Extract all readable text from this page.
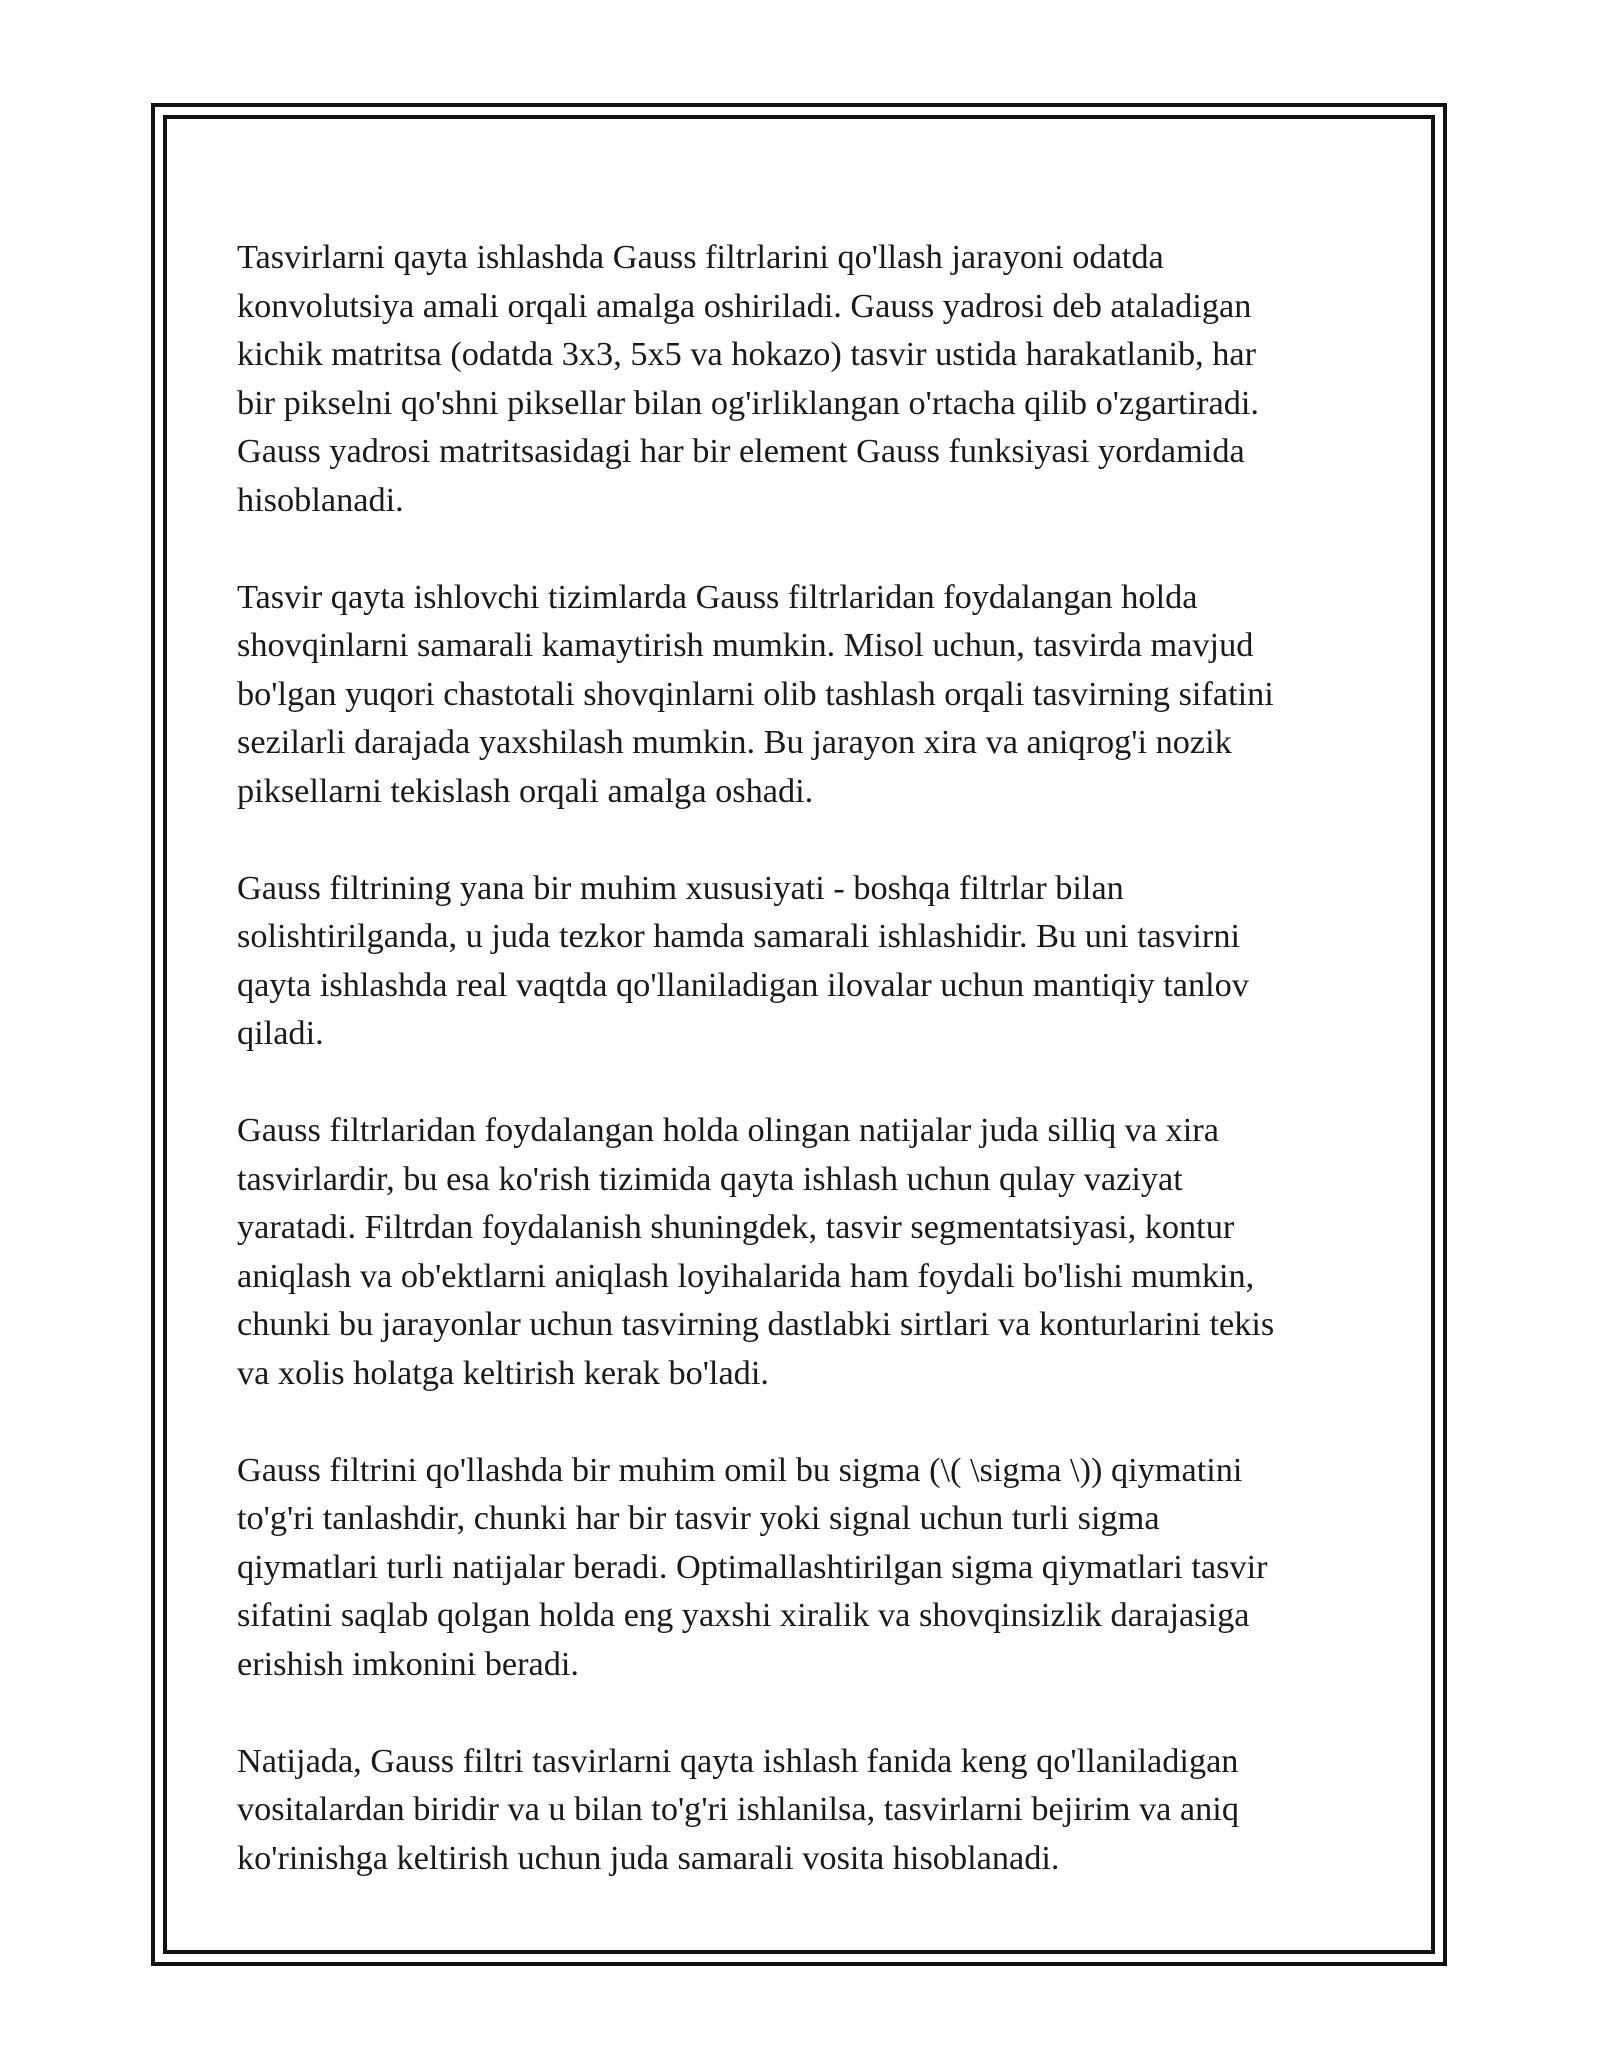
Tasvirlarni qayta ishlashda Gauss filtrlarini qo'llash jarayoni odatda
konvolutsiya amali orqali amalga oshiriladi. Gauss yadrosi deb ataladigan
kichik matritsa (odatda 3x3, 5x5 va hokazo) tasvir ustida harakatlanib, har
bir pikselni qo'shni piksellar bilan og'irliklangan o'rtacha qilib o'zgartiradi.
Gauss yadrosi matritsasidagi har bir element Gauss funksiyasi yordamida
hisoblanadi.

Tasvir qayta ishlovchi tizimlarda Gauss filtrlaridan foydalangan holda
shovqinlarni samarali kamaytirish mumkin. Misol uchun, tasvirda mavjud
bo'lgan yuqori chastotali shovqinlarni olib tashlash orqali tasvirning sifatini
sezilarli darajada yaxshilash mumkin. Bu jarayon xira va aniqrog'i nozik
piksellarni tekislash orqali amalga oshadi.

Gauss filtrining yana bir muhim xususiyati - boshqa filtrlar bilan
solishtirilganda, u juda tezkor hamda samarali ishlashidir. Bu uni tasvirni
qayta ishlashda real vaqtda qo'llaniladigan ilovalar uchun mantiqiy tanlov
qiladi.

Gauss filtrlaridan foydalangan holda olingan natijalar juda silliq va xira
tasvirlardir, bu esa ko'rish tizimida qayta ishlash uchun qulay vaziyat
yaratadi. Filtrdan foydalanish shuningdek, tasvir segmentatsiyasi, kontur
aniqlash va ob'ektlarni aniqlash loyihalarida ham foydali bo'lishi mumkin,
chunki bu jarayonlar uchun tasvirning dastlabki sirtlari va konturlarini tekis
va xolis holatga keltirish kerak bo'ladi.

Gauss filtrini qo'llashda bir muhim omil bu sigma (\( \sigma \)) qiymatini
to'g'ri tanlashdir, chunki har bir tasvir yoki signal uchun turli sigma
qiymatlari turli natijalar beradi. Optimallashtirilgan sigma qiymatlari tasvir
sifatini saqlab qolgan holda eng yaxshi xiralik va shovqinsizlik darajasiga
erishish imkonini beradi.

Natijada, Gauss filtri tasvirlarni qayta ishlash fanida keng qo'llaniladigan
vositalardan biridir va u bilan to'g'ri ishlanilsa, tasvirlarni bejirim va aniq
ko'rinishga keltirish uchun juda samarali vosita hisoblanadi.
